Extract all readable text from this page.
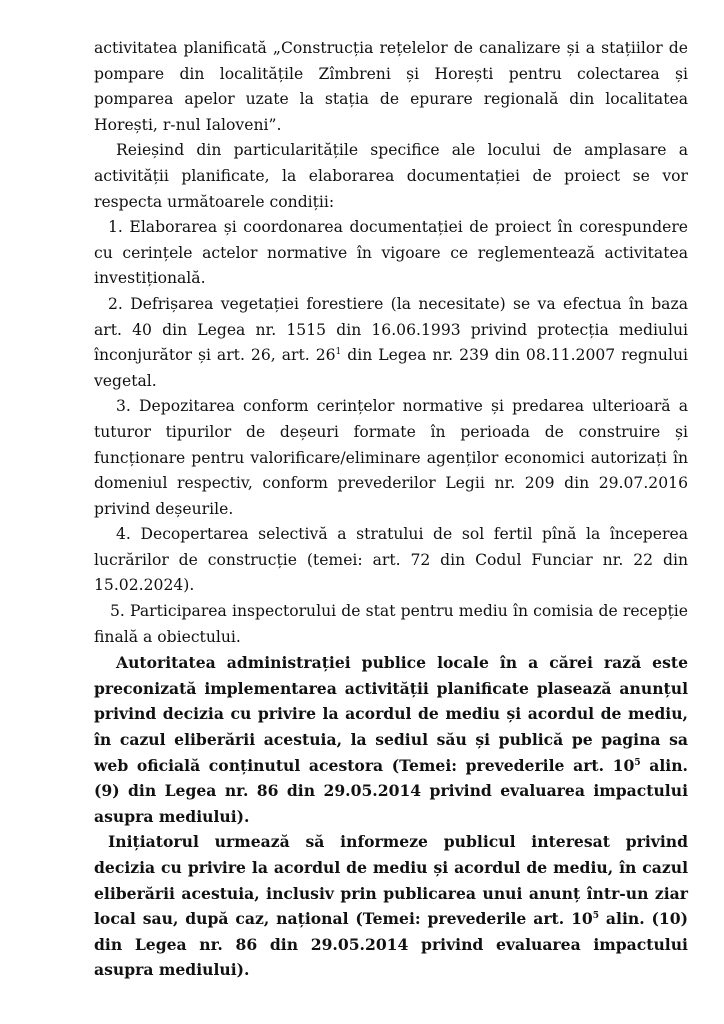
activitatea planificată „Construcția rețelelor de canalizare și a stațiilor de pompare din localitățile Zîmbreni și Horești pentru colectarea și pomparea apelor uzate la stația de epurare regională din localitatea Horești, r-nul Ialoveni”.

Reieșind din particularitățile specifice ale locului de amplasare a activității planificate, la elaborarea documentației de proiect se vor respecta următoarele condiții:

1. Elaborarea și coordonarea documentației de proiect în corespundere cu cerințele actelor normative în vigoare ce reglementează activitatea investițională.

2. Defrișarea vegetației forestiere (la necesitate) se va efectua în baza art. 40 din Legea nr. 1515 din 16.06.1993 privind protecția mediului înconjurător și art. 26, art. $26^1$ din Legea nr. 239 din 08.11.2007 regnului vegetal.

3. Depozitarea conform cerințelor normative și predarea ulterioară a tuturor tipurilor de deșeuri formate în perioada de construire și funcționare pentru valorificare/eliminare agenților economici autorizați în domeniul respectiv, conform prevederilor Legii nr. 209 din 29.07.2016 privind deșeurile.

4. Decopertarea selectivă a stratului de sol fertil pînă la începerea lucrărilor de construcție (temei: art. 72 din Codul Funciar nr. 22 din 15.02.2024).

5. Participarea inspectorului de stat pentru mediu în comisia de recepție finală a obiectului.

Autoritatea administrației publice locale în a cărei rază este preconizată implementarea activității planificate plasează anunțul privind decizia cu privire la acordul de mediu și acordul de mediu, în cazul eliberării acestuia, la sediul său și publică pe pagina sa web oficială conținutul acestora (Temei: prevederile art. $10^5$ alin. (9) din Legea nr. 86 din 29.05.2014 privind evaluarea impactului asupra mediului).

Inițiatorul urmează să informeze publicul interesat privind decizia cu privire la acordul de mediu și acordul de mediu, în cazul eliberării acestuia, inclusiv prin publicarea unui anunț într-un ziar local sau, după caz, național (Temei: prevederile art. $10^5$ alin. (10) din Legea nr. 86 din 29.05.2014 privind evaluarea impactului asupra mediului).
